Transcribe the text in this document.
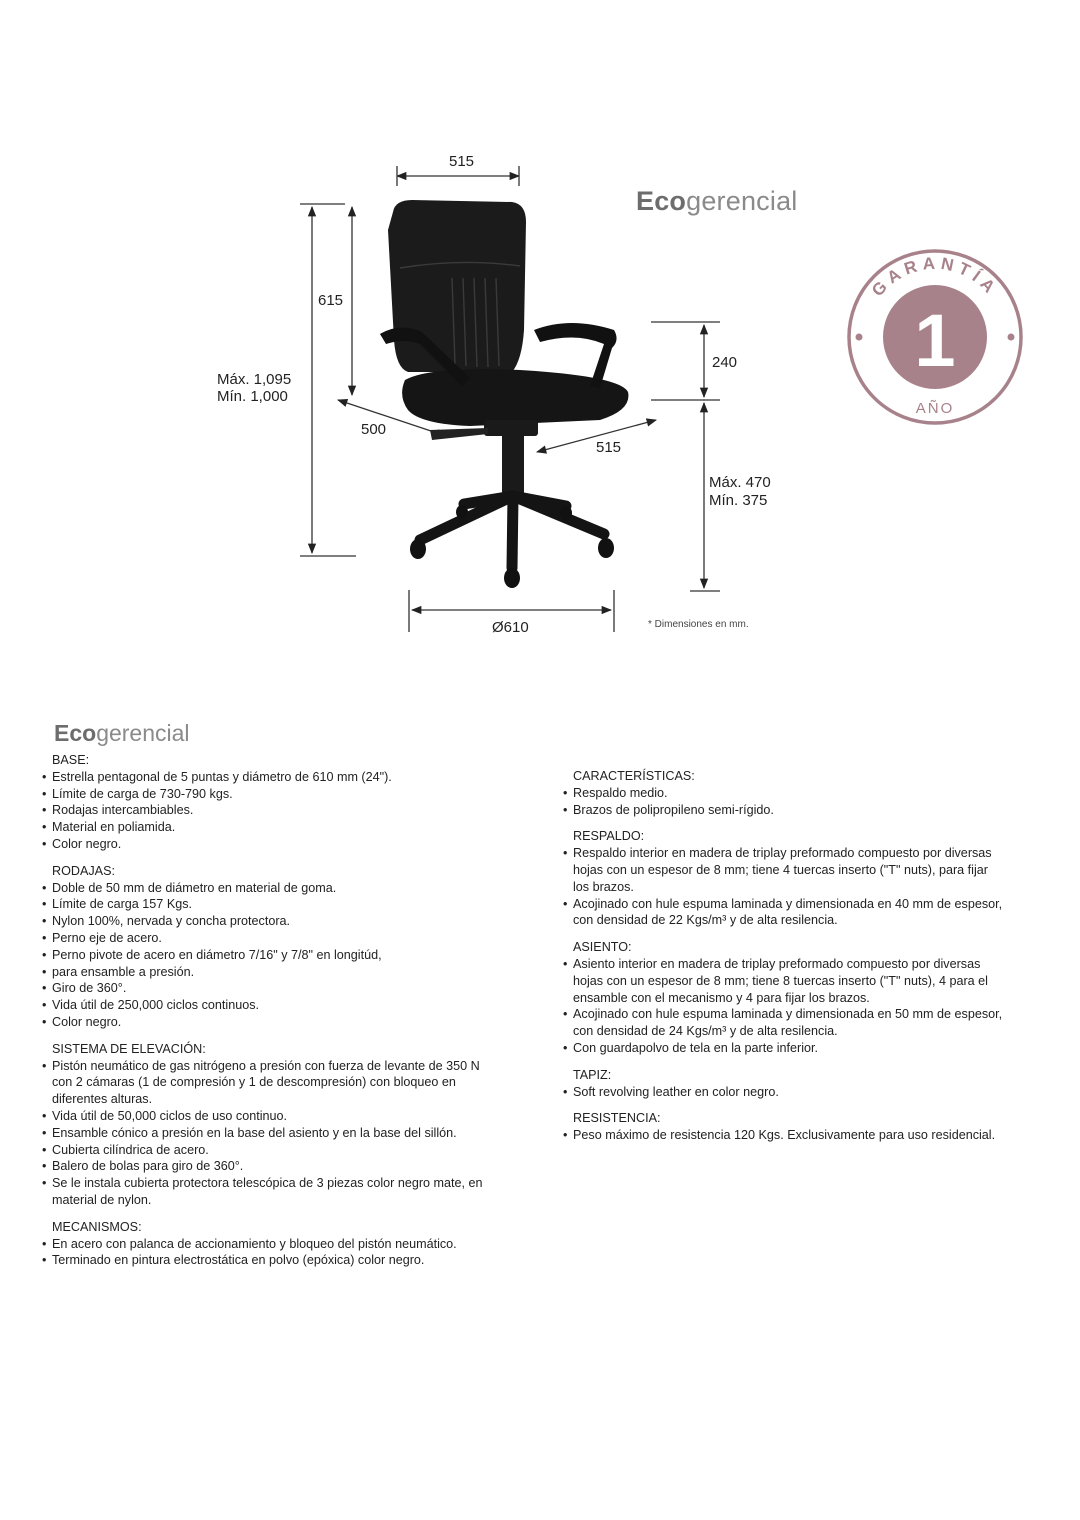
GARANTÍA
1
AÑO
515
615
Máx. 1,095
Mín. 1,000
500
515
240
Máx. 470
Mín. 375
Ø610	* Dimensiones en mm.
Ecogerencial
Ecogerencial
BASE:
• Estrella pentagonal de 5 puntas y diámetro de 610 mm (24").
• Límite de carga de 730-790 kgs.
• Rodajas intercambiables.
• Material en poliamida.
• Color negro.
RODAJAS:
• Doble de 50 mm de diámetro en material de goma.
• Límite de carga 157 Kgs.
• Nylon 100%, nervada y concha protectora.
• Perno eje de acero.
• Perno pivote de acero en diámetro 7/16" y 7/8" en longitúd,
• para ensamble a presión.
• Giro de 360°.
• Vida útil de 250,000 ciclos continuos.
• Color negro.
SISTEMA DE ELEVACIÓN:
• Pistón neumático de gas nitrógeno a presión con fuerza de levante de 350 N con 2 cámaras (1 de compresión y 1 de descompresión) con bloqueo en diferentes alturas.
• Vida útil de 50,000 ciclos de uso continuo.
• Ensamble cónico a presión en la base del asiento y en la base del sillón.
• Cubierta cilíndrica de acero.
• Balero de bolas para giro de 360°.
• Se le instala cubierta protectora telescópica de 3 piezas color negro mate, en material de nylon.
MECANISMOS:
• En acero con palanca de accionamiento y bloqueo del pistón neumático.
• Terminado en pintura electrostática en polvo (epóxica) color negro.
CARACTERÍSTICAS:
• Respaldo medio.
• Brazos de polipropileno semi-rígido.
RESPALDO:
• Respaldo interior en madera de triplay preformado compuesto por diversas hojas con un espesor de 8 mm; tiene 4 tuercas inserto ("T" nuts), para fijar los brazos.
• Acojinado con hule espuma laminada y dimensionada en 40 mm de espesor, con densidad de 22 Kgs/m³ y de alta resilencia.
ASIENTO:
• Asiento interior en madera de triplay preformado compuesto por diversas hojas con un espesor de 8 mm; tiene 8 tuercas inserto ("T" nuts), 4 para el ensamble con el mecanismo y 4 para fijar los brazos.
• Acojinado con hule espuma laminada y dimensionada en 50 mm de espesor, con densidad de 24 Kgs/m³ y de alta resilencia.
• Con guardapolvo de tela en la parte inferior.
TAPIZ:
• Soft revolving leather en color negro.
RESISTENCIA:
• Peso máximo de resistencia 120 Kgs. Exclusivamente para uso residencial.
